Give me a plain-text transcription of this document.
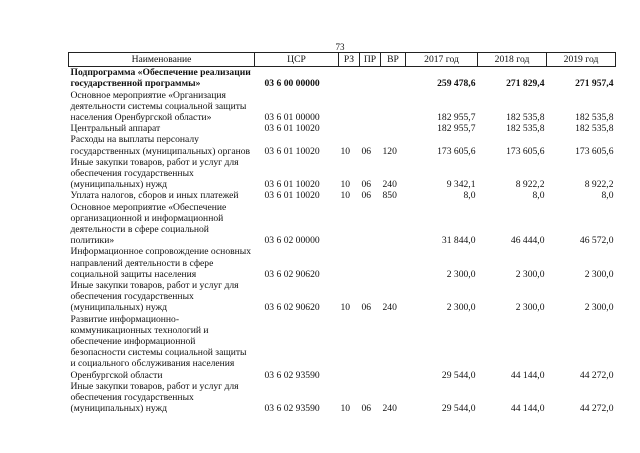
73
Наименование	ЦСР	РЗ	ПР	ВР	2017 год	2018 год	2019 год
Подпрограмма «Обеспечение реализации государственной программы»	03 6 00 00000				259 478,6	271 829,4	271 957,4
Основное мероприятие «Организация деятельности системы социальной защиты населения Оренбургской области»	03 6 01 00000				182 955,7	182 535,8	182 535,8
Центральный аппарат	03 6 01 10020				182 955,7	182 535,8	182 535,8
Расходы на выплаты персоналу государственных (муниципальных) органов	03 6 01 10020	10	06	120	173 605,6	173 605,6	173 605,6
Иные закупки товаров, работ и услуг для обеспечения государственных (муниципальных) нужд	03 6 01 10020	10	06	240	9 342,1	8 922,2	8 922,2
Уплата налогов, сборов и иных платежей	03 6 01 10020	10	06	850	8,0	8,0	8,0
Основное мероприятие «Обеспечение организационной и информационной деятельности в сфере социальной политики»	03 6 02 00000				31 844,0	46 444,0	46 572,0
Информационное сопровождение основных направлений деятельности в сфере социальной защиты населения	03 6 02 90620				2 300,0	2 300,0	2 300,0
Иные закупки товаров, работ и услуг для обеспечения государственных (муниципальных) нужд	03 6 02 90620	10	06	240	2 300,0	2 300,0	2 300,0
Развитие информационно-коммуникационных технологий и обеспечение информационной безопасности системы социальной защиты и социального обслуживания населения Оренбургской области	03 6 02 93590				29 544,0	44 144,0	44 272,0
Иные закупки товаров, работ и услуг для обеспечения государственных (муниципальных) нужд	03 6 02 93590	10	06	240	29 544,0	44 144,0	44 272,0
